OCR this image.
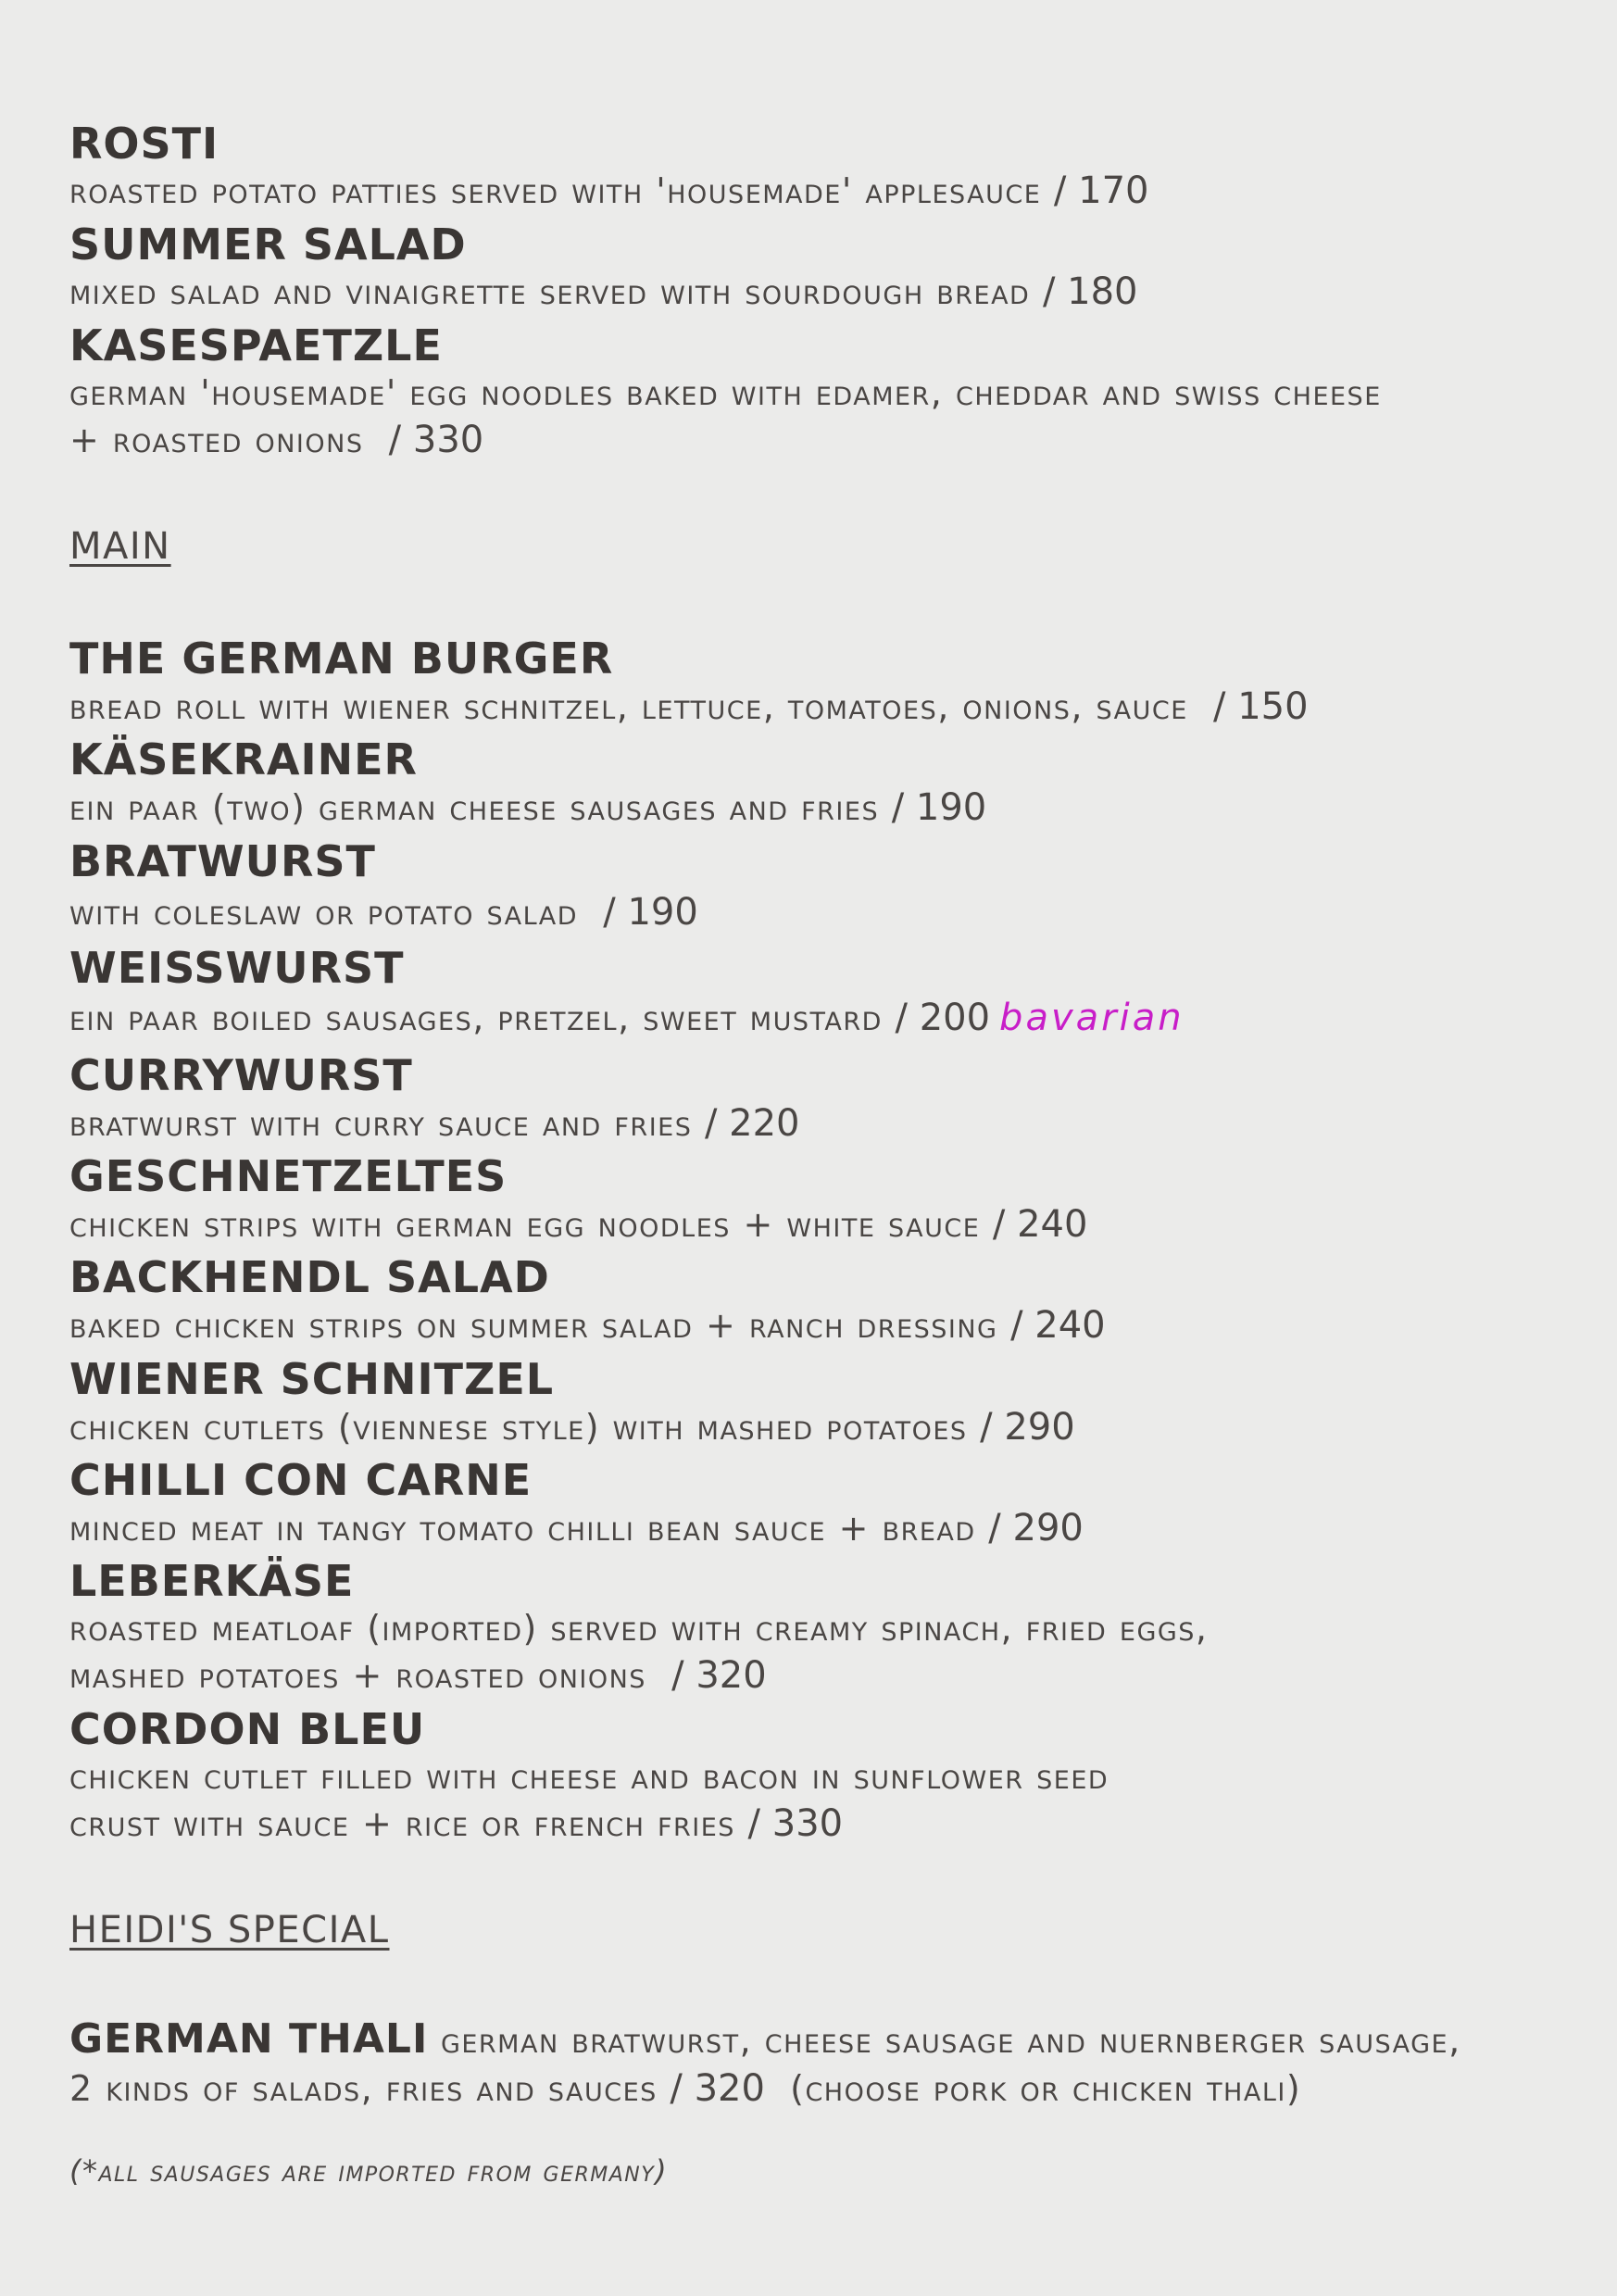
ROSTI
roasted potato patties served with 'housemade' applesauce / 170
SUMMER SALAD
mixed salad and vinaigrette served with sourdough bread / 180
KASESPAETZLE
german 'housemade' egg noodles baked with edamer, cheddar and swiss cheese
+ roasted onions / 330
MAIN
THE GERMAN BURGER
bread roll with wiener schnitzel, lettuce, tomatoes, onions, sauce / 150
KÄSEKRAINER
ein paar (two) german cheese sausages and fries / 190
BRATWURST
with coleslaw or potato salad / 190
WEISSWURST
ein paar boiled sausages, pretzel, sweet mustard / 200 bavarian
CURRYWURST
bratwurst with curry sauce and fries / 220
GESCHNETZELTES
chicken strips with german egg noodles + white sauce / 240
BACKHENDL SALAD
baked chicken strips on summer salad + ranch dressing / 240
WIENER SCHNITZEL
chicken cutlets (viennese style) with mashed potatoes / 290
CHILLI CON CARNE
minced meat in tangy tomato chilli bean sauce + bread / 290
LEBERKÄSE
roasted meatloaf (imported) served with creamy spinach, fried eggs,
mashed potatoes + roasted onions / 320
CORDON BLEU
chicken cutlet filled with cheese and bacon in sunflower seed
crust with sauce + rice or french fries / 330
HEIDI'S SPECIAL
GERMAN THALI german bratwurst, cheese sausage and nuernberger sausage,
2 kinds of salads, fries and sauces / 320 (choose pork or chicken thali)
(*all sausages are imported from germany)
